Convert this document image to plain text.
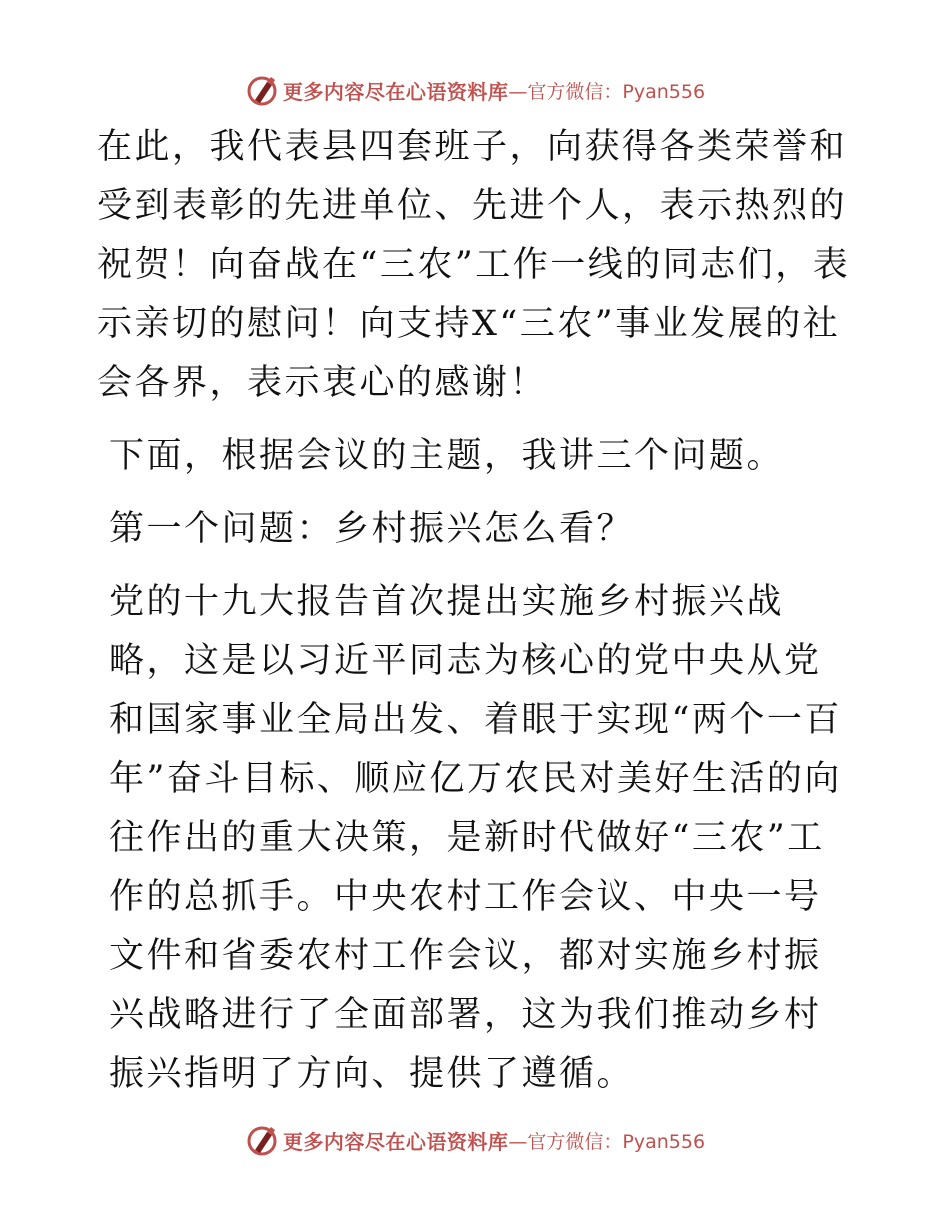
更多内容尽在心语资料库 —官方微信：Pyan556

在此，我代表县四套班子，向获得各类荣誉和受到表彰的先进单位、先进个人，表示热烈的祝贺！向奋战在“三农”工作一线的同志们，表示亲切的慰问！向支持X“三农”事业发展的社会各界，表示衷心的感谢！

下面，根据会议的主题，我讲三个问题。

第一个问题：乡村振兴怎么看？

党的十九大报告首次提出实施乡村振兴战略，这是以习近平同志为核心的党中央从党和国家事业全局出发、着眼于实现“两个一百年”奋斗目标、顺应亿万农民对美好生活的向往作出的重大决策，是新时代做好“三农”工作的总抓手。中央农村工作会议、中央一号文件和省委农村工作会议，都对实施乡村振兴战略进行了全面部署，这为我们推动乡村振兴指明了方向、提供了遵循。

更多内容尽在心语资料库 —官方微信：Pyan556
